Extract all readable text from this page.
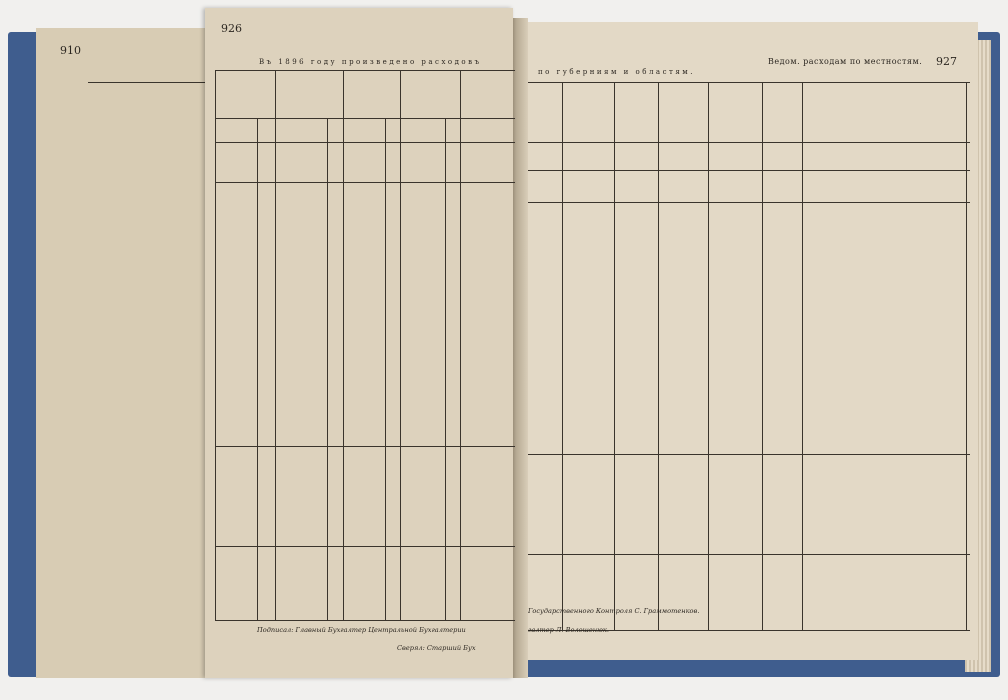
910
Ведом. расходам по местностям. 927
по губерниям и областям.
Государственного Контроля С. Граммотенков.
галтер Л. Волошенюк.
926
Въ 1896 году произведено расходовъ
Подписал: Главный Бухгалтер Центральной Бухгалтерии
Сверял: Старший Бух
